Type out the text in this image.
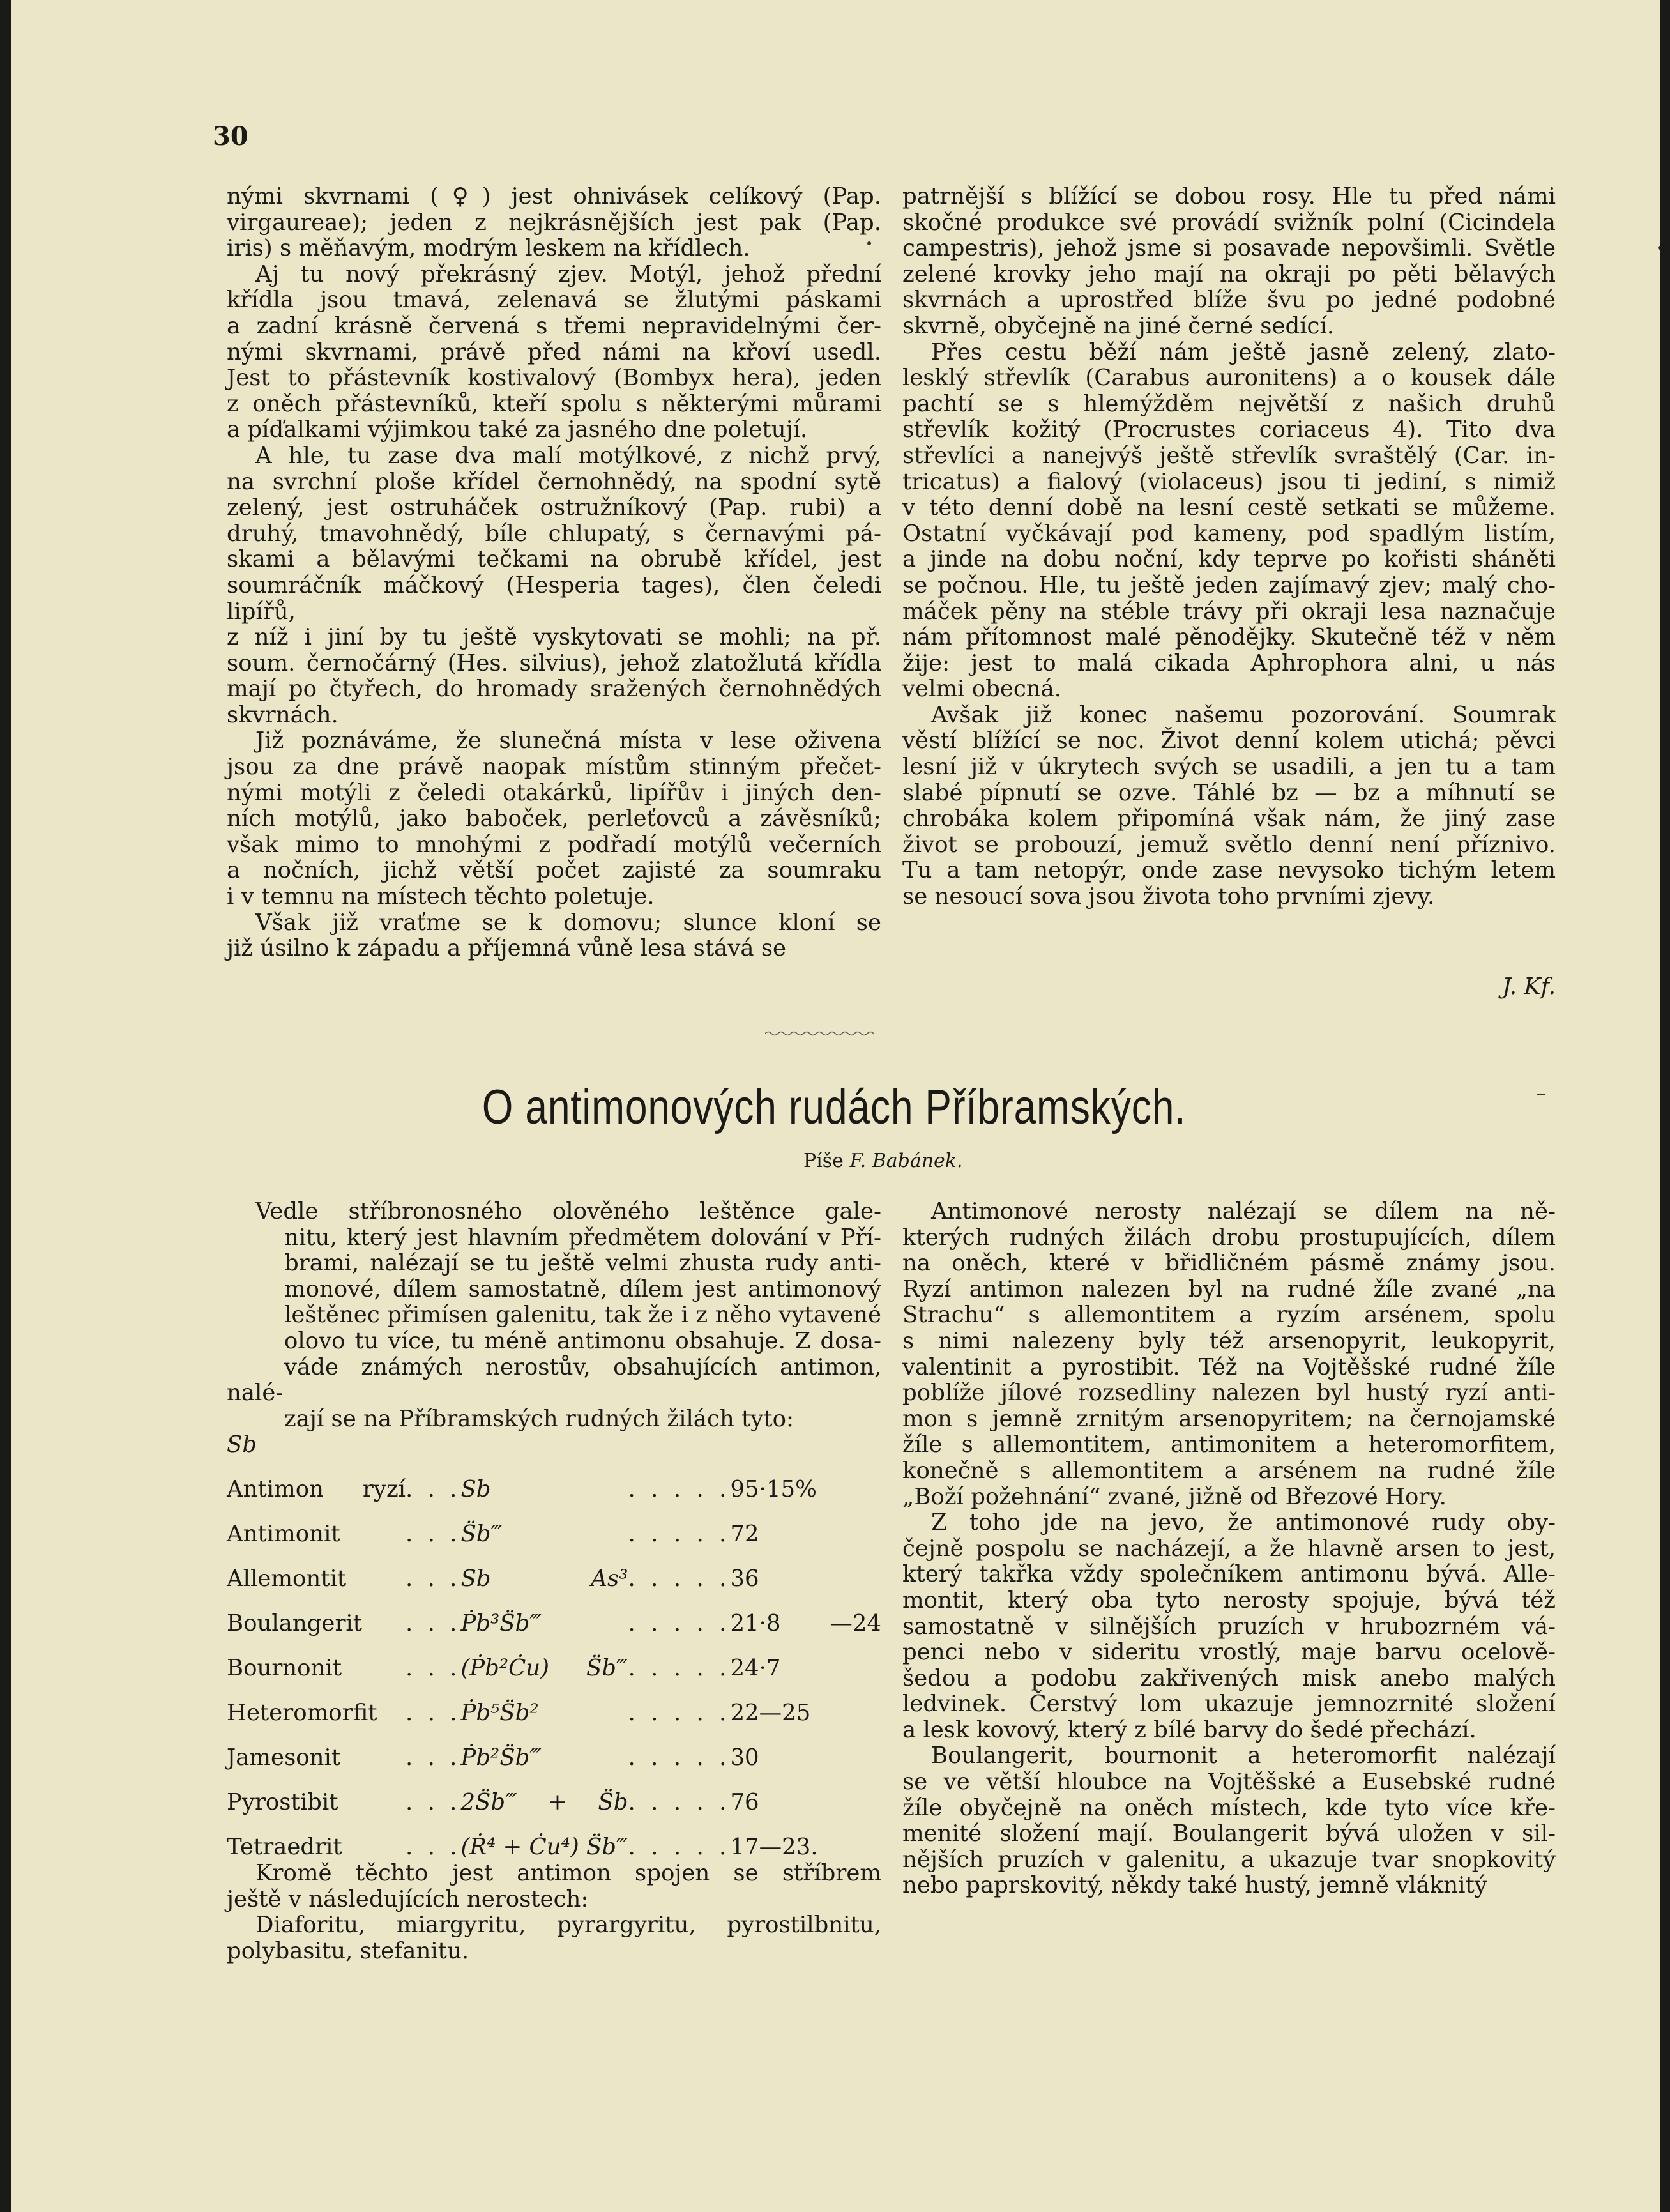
30

nými skvrnami (♀) jest ohnivásek celíkový (Pap.
virgaureae); jeden z nejkrásnějších jest pak (Pap.
iris) s měňavým, modrým leskem na křídlech.

Aj tu nový překrásný zjev. Motýl, jehož přední
křídla jsou tmavá, zelenavá se žlutými páskami
a zadní krásně červená s třemi nepravidelnými čer-
nými skvrnami, právě před námi na křoví usedl.
Jest to přástevník kostivalový (Bombyx hera), jeden
z oněch přástevníků, kteří spolu s některými můrami
a píďalkami výjimkou také za jasného dne poletují.

A hle, tu zase dva malí motýlkové, z nichž prvý,
na svrchní ploše křídel černohnědý, na spodní sytě
zelený, jest ostruháček ostružníkový (Pap. rubi) a
druhý, tmavohnědý, bíle chlupatý, s černavými pá-
skami a bělavými tečkami na obrubě křídel, jest
soumráčník máčkový (Hesperia tages), člen čeledi lipířů,
z níž i jiní by tu ještě vyskytovati se mohli; na př.
soum. černočárný (Hes. silvius), jehož zlatožlutá křídla
mají po čtyřech, do hromady sražených černohnědých
skvrnách.

Již poznáváme, že slunečná místa v lese oživena
jsou za dne právě naopak místům stinným přečet-
nými motýli z čeledi otakárků, lipířův i jiných den-
ních motýlů, jako baboček, perleťovců a závěsníků;
však mimo to mnohými z podřadí motýlů večerních
a nočních, jichž větší počet zajisté za soumraku
i v temnu na místech těchto poletuje.

Však již vraťme se k domovu; slunce kloní se
již úsilno k západu a příjemná vůně lesa stává se

patrnější s blížící se dobou rosy. Hle tu před námi
skočné produkce své provádí svižník polní (Cicindela
campestris), jehož jsme si posavade nepovšimli. Světle
zelené krovky jeho mají na okraji po pěti bělavých
skvrnách a uprostřed blíže švu po jedné podobné
skvrně, obyčejně na jiné černé sedící.

Přes cestu běží nám ještě jasně zelený, zlato-
lesklý střevlík (Carabus auronitens) a o kousek dále
pachtí se s hlemýžděm největší z našich druhů
střevlík kožitý (Procrustes coriaceus 4). Tito dva
střevlíci a nanejvýš ještě střevlík svraštělý (Car. in-
tricatus) a fialový (violaceus) jsou ti jediní, s nimiž
v této denní době na lesní cestě setkati se můžeme.
Ostatní vyčkávají pod kameny, pod spadlým listím,
a jinde na dobu noční, kdy teprve po kořisti sháněti
se počnou. Hle, tu ještě jeden zajímavý zjev; malý cho-
máček pěny na stéble trávy při okraji lesa naznačuje
nám přítomnost malé pěnodějky. Skutečně též v něm
žije: jest to malá cikada Aphrophora alni, u nás
velmi obecná.

Avšak již konec našemu pozorování. Soumrak
věstí blížící se noc. Život denní kolem utichá; pěvci
lesní již v úkrytech svých se usadili, a jen tu a tam
slabé pípnutí se ozve. Táhlé bz — bz a míhnutí se
chrobáka kolem připomíná však nám, že jiný zase
život se probouzí, jemuž světlo denní není příznivo.
Tu a tam netopýr, onde zase nevysoko tichým letem
se nesoucí sova jsou života toho prvními zjevy.

J. Kf.
O antimonových rudách Příbramských.
Píše F. Babánek.

Vedle stříbronosného olověného leštěnce gale-
nitu, který jest hlavním předmětem dolování v Pří-
brami, nalézají se tu ještě velmi zhusta rudy anti-
monové, dílem samostatně, dílem jest antimonový
leštěnec přimísen galenitu, tak že i z něho vytavené
olovo tu více, tu méně antimonu obsahuje. Z dosa-
váde známých nerostův, obsahujících antimon, nalé-
zají se na Příbramských rudných žilách tyto:

Sb
Antimon ryzí	. . .	Sb	. . . . .	95·15%
Antimonit	. . .	S̈b‴	. . . . .	72
Allemontit	. . .	Sb As³	. . . . .	36
Boulangerit	. . .	Ṗb³S̈b‴	. . . . .	21·8 —24
Bournonit	. . .	(Ṗb²Ċu) S̈b‴	. . . . .	24·7
Heteromorfit	. . .	Ṗb⁵S̈b²	. . . . .	22—25
Jamesonit	. . .	Ṗb²S̈b‴	. . . . .	30
Pyrostibit	. . .	2S̈b‴ + S̈b	. . . . .	76
Tetraedrit	. . .	(Ṙ⁴ + Ċu⁴) S̈b‴	. . . . .	17—23.

Kromě těchto jest antimon spojen se stříbrem
ještě v následujících nerostech:

Diaforitu, miargyritu, pyrargyritu, pyrostilbnitu,
polybasitu, stefanitu.

Antimonové nerosty nalézají se dílem na ně-
kterých rudných žilách drobu prostupujících, dílem
na oněch, které v břidličném pásmě známy jsou.
Ryzí antimon nalezen byl na rudné žíle zvané „na
Strachu“ s allemontitem a ryzím arsénem, spolu
s nimi nalezeny byly též arsenopyrit, leukopyrit,
valentinit a pyrostibit. Též na Vojtěšské rudné žíle
poblíže jílové rozsedliny nalezen byl hustý ryzí anti-
mon s jemně zrnitým arsenopyritem; na černojamské
žíle s allemontitem, antimonitem a heteromorfitem,
konečně s allemontitem a arsénem na rudné žíle
„Boží požehnání“ zvané, jižně od Březové Hory.

Z toho jde na jevo, že antimonové rudy oby-
čejně pospolu se nacházejí, a že hlavně arsen to jest,
který takřka vždy společníkem antimonu bývá. Alle-
montit, který oba tyto nerosty spojuje, bývá též
samostatně v silnějších pruzích v hrubozrném vá-
penci nebo v sideritu vrostlý, maje barvu ocelově-
šedou a podobu zakřivených misk anebo malých
ledvinek. Čerstvý lom ukazuje jemnozrnité složení
a lesk kovový, který z bílé barvy do šedé přechází.

Boulangerit, bournonit a heteromorfit nalézají
se ve větší hloubce na Vojtěšské a Eusebské rudné
žíle obyčejně na oněch místech, kde tyto více kře-
menité složení mají. Boulangerit bývá uložen v sil-
nějších pruzích v galenitu, a ukazuje tvar snopkovitý
nebo paprskovitý, někdy také hustý, jemně vláknitý
